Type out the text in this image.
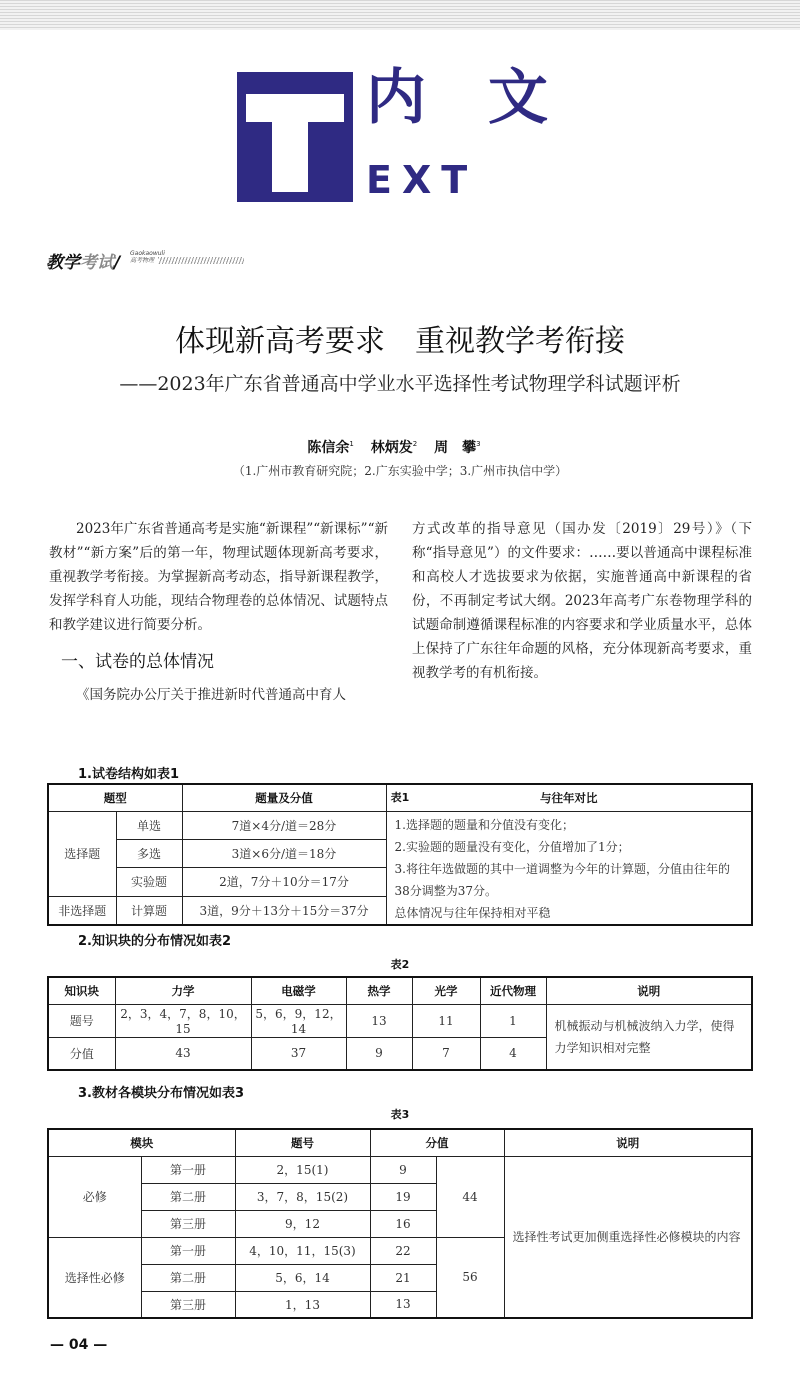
内文
EXT
教学考试/ Gaokaowuli
高考物理
体现新高考要求　重视教学考衔接
——2023年广东省普通高中学业水平选择性考试物理学科试题评析
陈信余$^1$ 林炳发$^2$ 周　攀$^3$
（1.广州市教育研究院；2.广东实验中学；3.广州市执信中学）

2023年广东省普通高考是实施“新课程”“新课标”“新教材”“新方案”后的第一年，物理试题体现新高考要求，重视教学考衔接。为掌握新高考动态，指导新课程教学，发挥学科育人功能，现结合物理卷的总体情况、试题特点和教学建议进行简要分析。

一、试卷的总体情况

《国务院办公厅关于推进新时代普通高中育人

方式改革的指导意见（国办发〔2019〕29号）》（下称“指导意见”）的文件要求：……要以普通高中课程标准和高校人才选拔要求为依据，实施普通高中新课程的省份，不再制定考试大纲。2023年高考广东卷物理学科的试题命制遵循课程标准的内容要求和学业质量水平，总体上保持了广东往年命题的风格，充分体现新高考要求，重视教学考的有机衔接。

1.试卷结构如表1
表1
题型		题量及分值	与往年对比
选择题	单选	7道×4分/道＝28分	1.选择题的题量和分值没有变化；
2.实验题的题量没有变化，分值增加了1分；
3.将往年选做题的其中一道调整为今年的计算题，分值由往年的38分调整为37分。
总体情况与往年保持相对平稳

	多选	3道×6分/道＝18分	
	实验题	2道，7分＋10分＝17分	
非选择题	计算题	3道，9分＋13分＋15分＝37分	
2.知识块的分布情况如表2
表2
知识块	力学	电磁学	热学	光学	近代物理	说明
题号	2，3，4，7，8，10，15	5，6，9，12，14	13	11	1	机械振动与机械波纳入力学，使得力学知识相对完整
分值	43	37	9	7	4	
3.教材各模块分布情况如表3
表3
模块		题号	分值		说明
必修	第一册	2，15(1)	9	44	选择性考试更加侧重选择性必修模块的内容
	第二册	3，7，8，15(2)	19		
	第三册	9，12	16		
选择性必修	第一册	4，10，11，15(3)	22	56	
	第二册	5，6，14	21		
	第三册	1，13	13		
— 04 —
